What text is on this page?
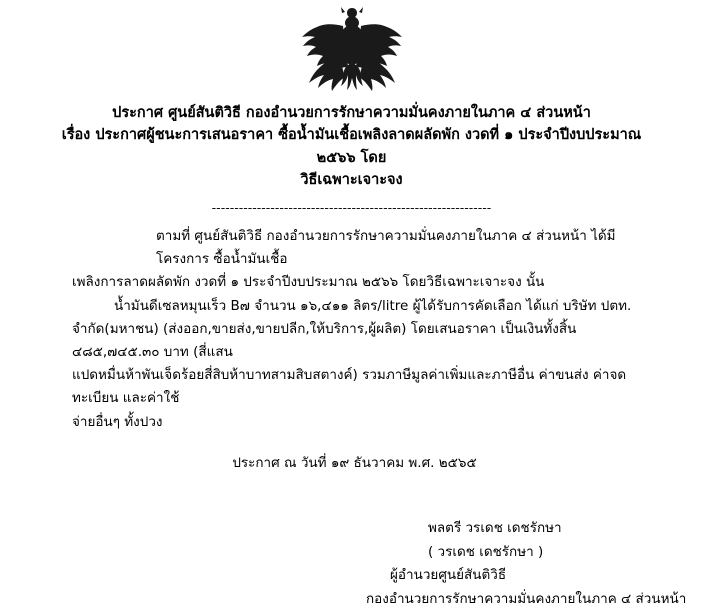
ประกาศ ศูนย์สันติวิธี กองอำนวยการรักษาความมั่นคงภายในภาค ๔ ส่วนหน้า
เรื่อง ประกาศผู้ชนะการเสนอราคา ซื้อน้ำมันเชื้อเพลิงลาดผลัดพัก งวดที่ ๑ ประจำปีงบประมาณ ๒๕๖๖ โดย
วิธีเฉพาะเจาะจง
--------------------------------------------------------------

ตามที่ ศูนย์สันติวิธี กองอำนวยการรักษาความมั่นคงภายในภาค ๔ ส่วนหน้า ได้มีโครงการ ซื้อน้ำมันเชื้อ

เพลิงการลาดผลัดพัก งวดที่ ๑ ประจำปีงบประมาณ ๒๕๖๖ โดยวิธีเฉพาะเจาะจง นั้น

น้ำมันดีเซลหมุนเร็ว B๗ จำนวน ๑๖,๔๑๑ ลิตร/litre ผู้ได้รับการคัดเลือก ได้แก่ บริษัท ปตท.

จำกัด(มหาชน) (ส่งออก,ขายส่ง,ขายปลีก,ให้บริการ,ผู้ผลิต) โดยเสนอราคา เป็นเงินทั้งสิ้น ๔๘๕,๗๔๕.๓๐ บาท (สี่แสน

แปดหมื่นห้าพันเจ็ดร้อยสี่สิบห้าบาทสามสิบสตางค์) รวมภาษีมูลค่าเพิ่มและภาษีอื่น ค่าขนส่ง ค่าจดทะเบียน และค่าใช้

จ่ายอื่นๆ ทั้งปวง

ประกาศ ณ วันที่ ๑๙ ธันวาคม พ.ศ. ๒๕๖๕

พลตรี วรเดช เดชรักษา
( วรเดช เดชรักษา )
ผู้อำนวยศูนย์สันติวิธี
กองอำนวยการรักษาความมั่นคงภายในภาค ๔ ส่วนหน้า
